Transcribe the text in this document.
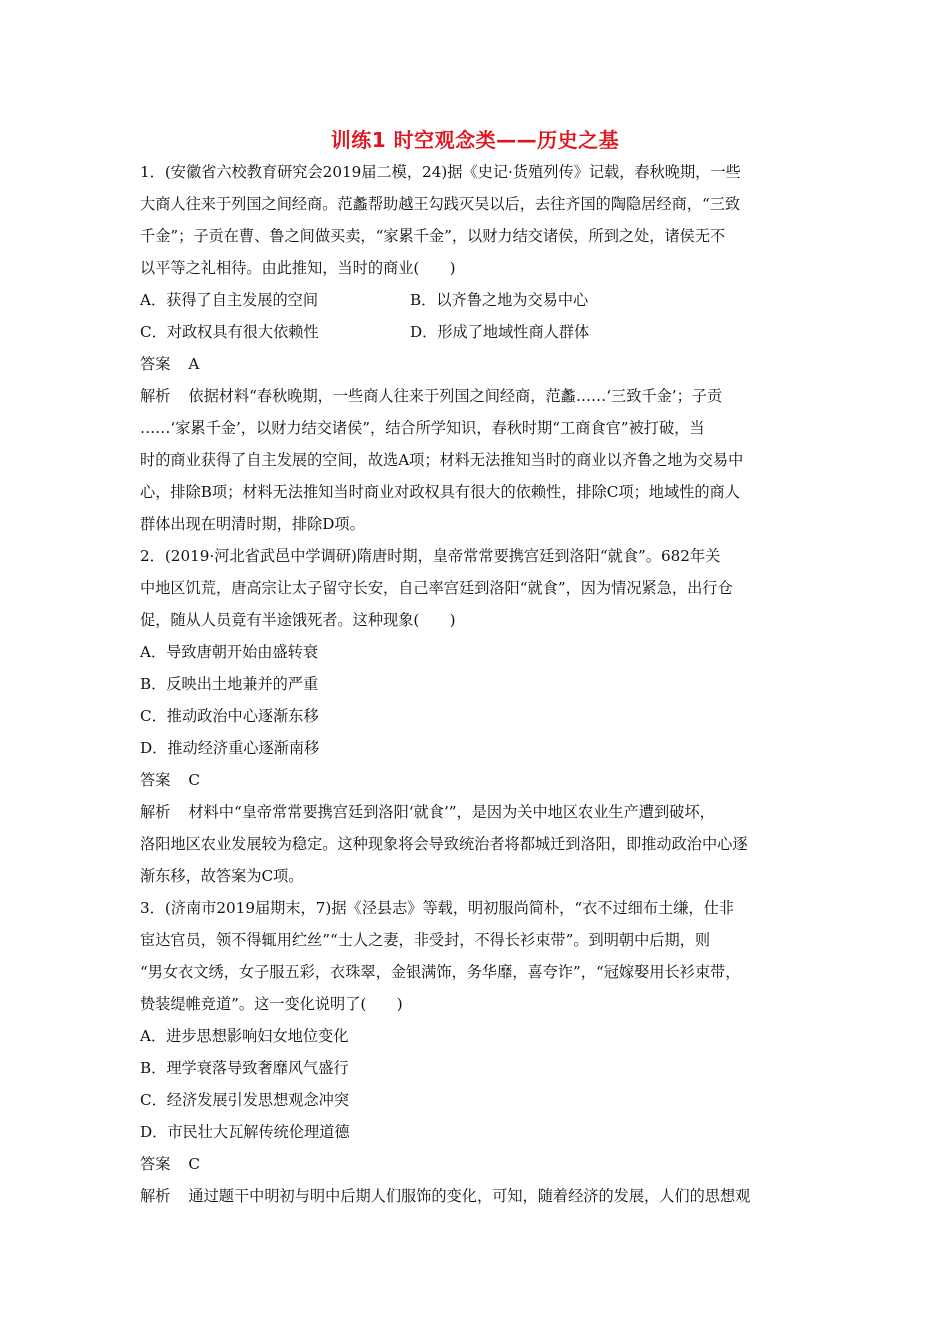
训练1 时空观念类——历史之基

1．(安徽省六校教育研究会2019届二模，24)据《史记·货殖列传》记载，春秋晚期，一些

大商人往来于列国之间经商。范蠡帮助越王勾践灭吴以后，去往齐国的陶隐居经商，“三致

千金”；子贡在曹、鲁之间做买卖，“家累千金”，以财力结交诸侯，所到之处，诸侯无不

以平等之礼相待。由此推知，当时的商业(　　)

A．获得了自主发展的空间	B．以齐鲁之地为交易中心
C．对政权具有很大依赖性	D．形成了地域性商人群体

答案 A

解析 依据材料“春秋晚期，一些商人往来于列国之间经商，范蠡……‘三致千金’；子贡

……‘家累千金’，以财力结交诸侯”，结合所学知识，春秋时期“工商食官”被打破，当

时的商业获得了自主发展的空间，故选A项；材料无法推知当时的商业以齐鲁之地为交易中

心，排除B项；材料无法推知当时商业对政权具有很大的依赖性，排除C项；地域性的商人

群体出现在明清时期，排除D项。

2．(2019·河北省武邑中学调研)隋唐时期，皇帝常常要携宫廷到洛阳“就食”。682年关

中地区饥荒，唐高宗让太子留守长安，自己率宫廷到洛阳“就食”，因为情况紧急，出行仓

促，随从人员竟有半途饿死者。这种现象(　　)

A．导致唐朝开始由盛转衰

B．反映出土地兼并的严重

C．推动政治中心逐渐东移

D．推动经济重心逐渐南移

答案 C

解析 材料中“皇帝常常要携宫廷到洛阳‘就食’”，是因为关中地区农业生产遭到破坏，

洛阳地区农业发展较为稳定。这种现象将会导致统治者将都城迁到洛阳，即推动政治中心逐

渐东移，故答案为C项。

3．(济南市2019届期末，7)据《泾县志》等载，明初服尚简朴，“衣不过细布土缣，仕非

宦达官员，领不得辄用纻丝”“士人之妻，非受封，不得长衫束带”。到明朝中后期，则

“男女衣文绣，女子服五彩，衣珠翠，金银满饰，务华靡，喜夸诈”，“冠嫁娶用长衫束带，

贽装缇帷竞道”。这一变化说明了(　　)

A．进步思想影响妇女地位变化

B．理学衰落导致奢靡风气盛行

C．经济发展引发思想观念冲突

D．市民壮大瓦解传统伦理道德

答案 C

解析 通过题干中明初与明中后期人们服饰的变化，可知，随着经济的发展，人们的思想观
